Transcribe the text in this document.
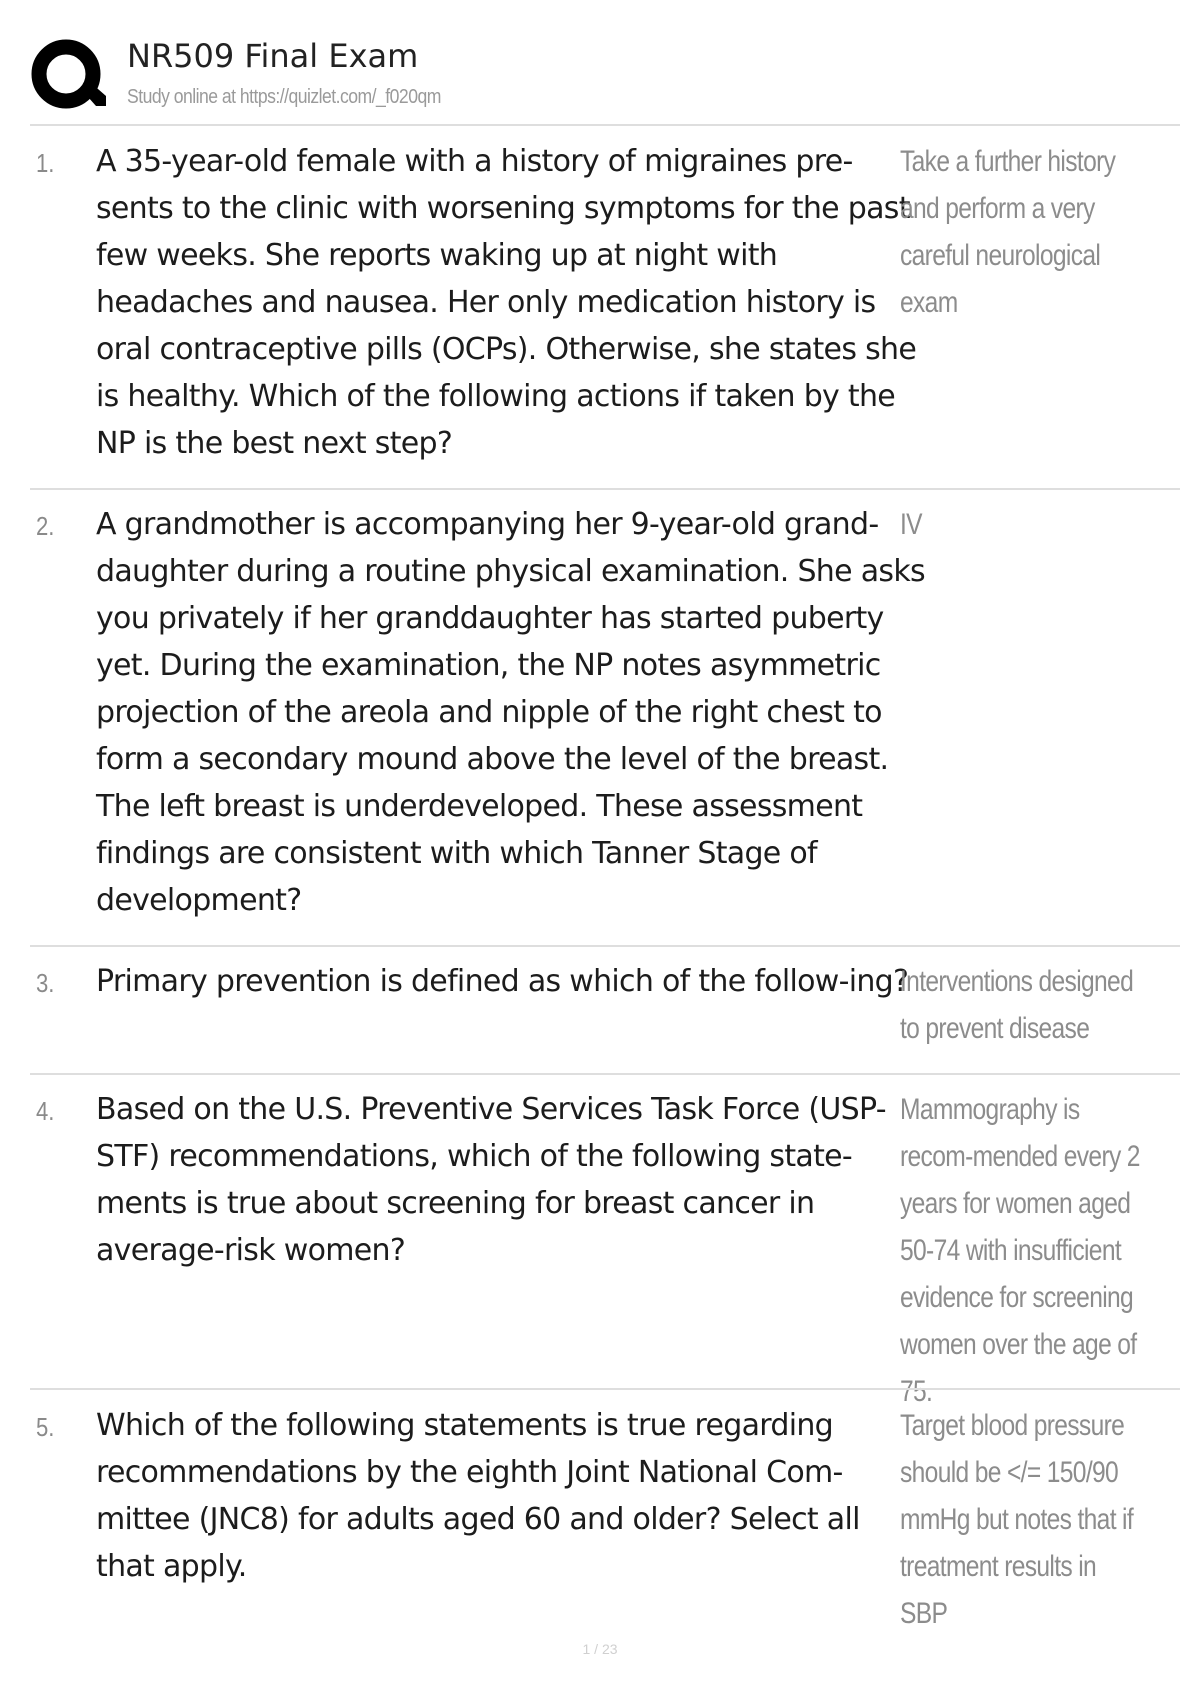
NR509 Final Exam
Study online at https://quizlet.com/_f020qm
1.	A 35-year-old female with a history of migraines pre-sents to the clinic with worsening symptoms for the past few weeks. She reports waking up at night with headaches and nausea. Her only medication history is oral contraceptive pills (OCPs). Otherwise, she states she is healthy. Which of the following actions if taken by the NP is the best next step?
Take a further history and perform a very careful neurological exam
2.	A grandmother is accompanying her 9-year-old grand-daughter during a routine physical examination. She asks you privately if her granddaughter has started puberty yet. During the examination, the NP notes asymmetric projection of the areola and nipple of the right chest to form a secondary mound above the level of the breast. The left breast is underdeveloped. These assessment findings are consistent with which Tanner Stage of development?
IV
3.	Primary prevention is defined as which of the follow-ing?
Interventions designed to prevent disease
4.	Based on the U.S. Preventive Services Task Force (USP-STF) recommendations, which of the following state-ments is true about screening for breast cancer in average-risk women?
Mammography is recom-mended every 2 years for women aged 50-74 with insufficient evidence for screening women over the age of 75.
5.	Which of the following statements is true regarding recommendations by the eighth Joint National Com-mittee (JNC8) for adults aged 60 and older? Select all that apply.
Target blood pressure should be </= 150/90 mmHg but notes that if treatment results in SBP
1 / 23
